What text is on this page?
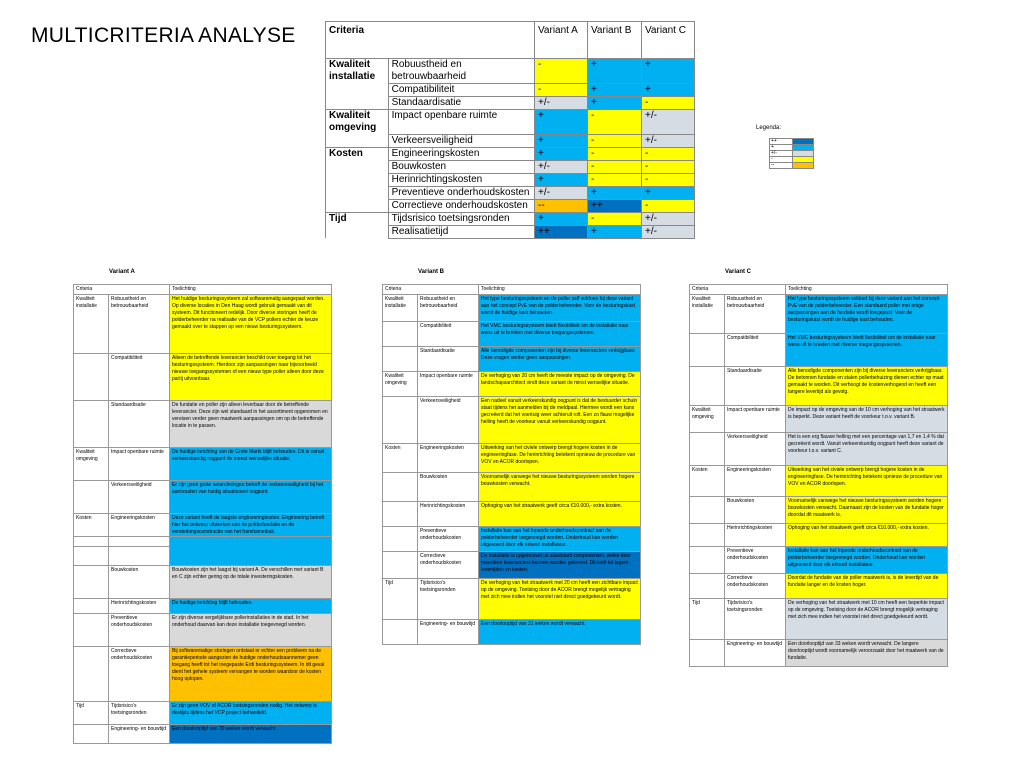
MULTICRITERIA ANALYSE	Criteria		Variant A	Variant B	Variant C
Kwaliteit installatie	Robuustheid en betrouwbaarheid	-	+	+
	Compatibiliteit	-	+	+
	Standaardisatie	+/-	+	-
Kwaliteit omgeving	Impact openbare ruimte	+	-	+/-
	Verkeersveiligheid	+	-	+/-
Kosten	Engineeringskosten	+	-	-
	Bouwkosten	+/-	-	-
	Herinrichtingskosten	+	-	-
	Preventieve onderhoudskosten	+/-	+	+
	Correctieve onderhoudskosten	--	++	-
Tijd	Tijdsrisico toetsingsronden	+	-	+/-
	Realisatietijd	++	+	+/-
Legenda:
++	
+	
+/-	
-	
--	
Variant A
Criteria		Toelichting
Kwaliteit installatie	Robuustheid en betrouwbaarheid	Het huidige besturingssysteem zal softwarematig aangepast worden. Op diverse locaties in Den Haag wordt gebruik gemaakt van dit systeem. Dit functioneert redelijk. Door diverse storingen heeft de polderbeheerder na realisatie van de VCP pollers echter de keuze gemaakt over te stappen op een nieuw besturingssysteem.
	Compatibiliteit	Alleen de betreffende leverancier beschikt over toegang tot het besturingssysteem. Hierdoor zijn aanpassingen naar bijvoorbeeld nieuwe toegangssystemen of een nieuw type poller alleen door deze partij uitvoerbaar.
	Standaardisatie	De fundatie en poller zijn alleen leverbaar door de betreffende leverancier. Deze zijn wel standaard in het assortiment opgenomen en vereisen verder geen maatwerk aanpassingen om op de betreffende locatie in te passen.
Kwaliteit omgeving	Impact openbare ruimte	De huidige inrichting van de Grote Markt blijft behouden. Dit is vanuit verkeerskundig oogpunt de meest wenselijke situatie.
	Verkeersveiligheid	Er zijn geen grote veranderingen betreft de verkeersveiligheid bij het aanhouden van huidig situationeel oogpunt.
Kosten	Engineeringskosten	Deze variant heeft de laagste engineeringkosten. Engineering betreft hier het ontwerp uitwerken van de polderfundatie en de versterkingsconstructie van het framfunnelbak.

	Bouwkosten	Bouwkosten zijn het laagst bij variant A. De verschillen met variant B en C zijn echter gering op de totale investeringskosten.
	Herinrichtingskosten	De huidige inrichting blijft behouden.
	Preventieve onderhoudskosten	Er zijn diverse vergelijkbare pollerinstallaties in de stad. In het onderhoud daarvan kan deze installatie toegevoegd worden.
	Correctieve onderhoudskosten	Bij softwarematige storingen ontstaat er echter een probleem na de garantieperiode aangezien de huidige onderhoudsaannemer geen toegang heeft tot het toegepaste Erdi besturingssysteem. In dit geval dient het gehele systeem vervangen te worden waardoor de kosten hoog oplopen.
Tijd	Tijdsrisico's toetsingsronden	Er zijn geen VOV of ACOR toetsingsronden nodig. Het ontwerp is destijds tijdens het VCP project behandeld.
	Engineering- en bouwtijd	Een doorlooptijd van 30 weken wordt verwacht.
Variant B
Criteria		Toelichting
Kwaliteit installatie	Robuustheid en betrouwbaarheid	Het type besturingssysteem en de poller zelf voldoen bij deze variant aan het concept PvE van de polderbeheerder. Voor de besturingskast wordt de huidige kast behouden.
	Compatibiliteit	Het VMC besturingssysteem biedt flexibiliteit om de installatie naar wens uit te breiden met diverse toegangssystemen.
	Standaardisatie	Alle benodigde componenten zijn bij diverse leveranciers verkrijgbaar. Deze vragen verder geen aanpassingen.
Kwaliteit omgeving	Impact openbare ruimte	De verhoging van 20 cm heeft de meeste impact op de omgeving. De landschapsarchitect vindt deze variant de minst wenselijke situatie.
	Verkeersveiligheid	Een nadeel vanuit verkeerskundig oogpunt is dat de bestuurder schuin staat tijdens het aanmelden bij de meldpaal. Hiermee wordt een kans gecreëerd dat het voertuig weer achteruit rolt. Een zo flauw mogelijke helling heeft de voorkeur vanuit verkeerskundig oogpunt.
Kosten	Engineeringskosten	Uitwerking van het civiele ontwerp brengt hogere kosten in de engineeringfase. De herinrichting betekent opnieuw de procedure van VOV en ACOR doorlopen.
	Bouwkosten	Voornamelijk vanwege het nieuwe besturingssysteem worden hogere bouwkosten verwacht.
	Herinrichtingskosten	Ophoging van het straatwerk geeft circa €10.000,- extra kosten.
	Preventieve onderhoudskosten	Installatie kan aan het lopende onderhoudscontract van de polderbeheerder toegevoegd worden. Onderhoud kan worden uitgevoerd door elk erkend installateur.
	Correctieve onderhoudskosten	De installatie is opgebouwd uit standaard componenten, welke door meerdere leveranciers kunnen worden geleverd. Dit leidt tot lagere levertijden en kosten.
Tijd	Tijdsrisico's toetsingsronden	De verhoging van het straatwerk met 20 cm heeft een zichtbare impact op de omgeving. Toetsing door de ACOR brengt mogelijk vertraging met zich mee indien het voorstel niet direct goedgekeurd wordt.
	Engineering- en bouwtijd	Een doorlooptijd van 31 weken wordt verwacht.
Variant C
Criteria		Toelichting
Kwaliteit installatie	Robuustheid en betrouwbaarheid	Het type besturingssysteem voldoet bij deze variant aan het concept PvE van de polderbeheerder. Een standaard poller met enige aanpassingen aan de fundatie wordt toegepast. Voor de besturingskast wordt de huidige kast behouden.
	Compatibiliteit	Het VMC besturingssysteem biedt flexibiliteit om de installatie naar wens uit te breiden met diverse toegangssystemen.
	Standaardisatie	Alle benodigde componenten zijn bij diverse leveranciers verkrijgbaar. De betonnen fundatie en stalen pollerbehuizing dienen echter op maat gemaakt te worden. Dit verhoogt de kostenverhogend en heeft een langere levertijd als gevolg.
Kwaliteit omgeving	Impact openbare ruimte	De impact op de omgeving van de 10 cm verhoging van het straatwerk is beperkt. Deze variant heeft de voorkeur t.o.v. variant B.
	Verkeersveiligheid	Het is een erg flauwe helling met een percentage van 1,7 en 1,4 % dat gecreëerd wordt. Vanuit verkeerskundig oogpunt heeft deze variant de voorkeur t.o.v. variant C.
Kosten	Engineeringskosten	Uitwerking van het civiele ontwerp brengt hogere kosten in de engineeringfase. De herinrichting betekent opnieuw de procedure van VOV en ACOR doorlopen.
	Bouwkosten	Voornamelijk vanwege het nieuwe besturingssysteem worden hogere bouwkosten verwacht. Daarnaast zijn de kosten van de fundatie hoger doordat dit maatwerk is.
	Herinrichtingskosten	Ophoging van het straatwerk geeft circa €10.000,- extra kosten.
	Preventieve onderhoudskosten	Installatie kan aan het lopende onderhoudscontract van de polderbeheerder toegevoegd worden. Onderhoud kan worden uitgevoerd door elk erkend installateur.
	Correctieve onderhoudskosten	Doordat de fundatie van de poller maatwerk is, is de levertijd van de fundatie langer en de kosten hoger.
Tijd	Tijdsrisico's toetsingsronden	De verhoging van het straatwerk met 10 cm heeft een beperkte impact op de omgeving. Toetsing door de ACOR brengt mogelijk vertraging met zich mee indien het voorstel niet direct goedgekeurd wordt.
	Engineering- en bouwtijd	Een doorlooptijd van 33 weken wordt verwacht. De langere doorlooptijd wordt voornamelijk veroorzaakt door het maatwerk van de fundatie.
